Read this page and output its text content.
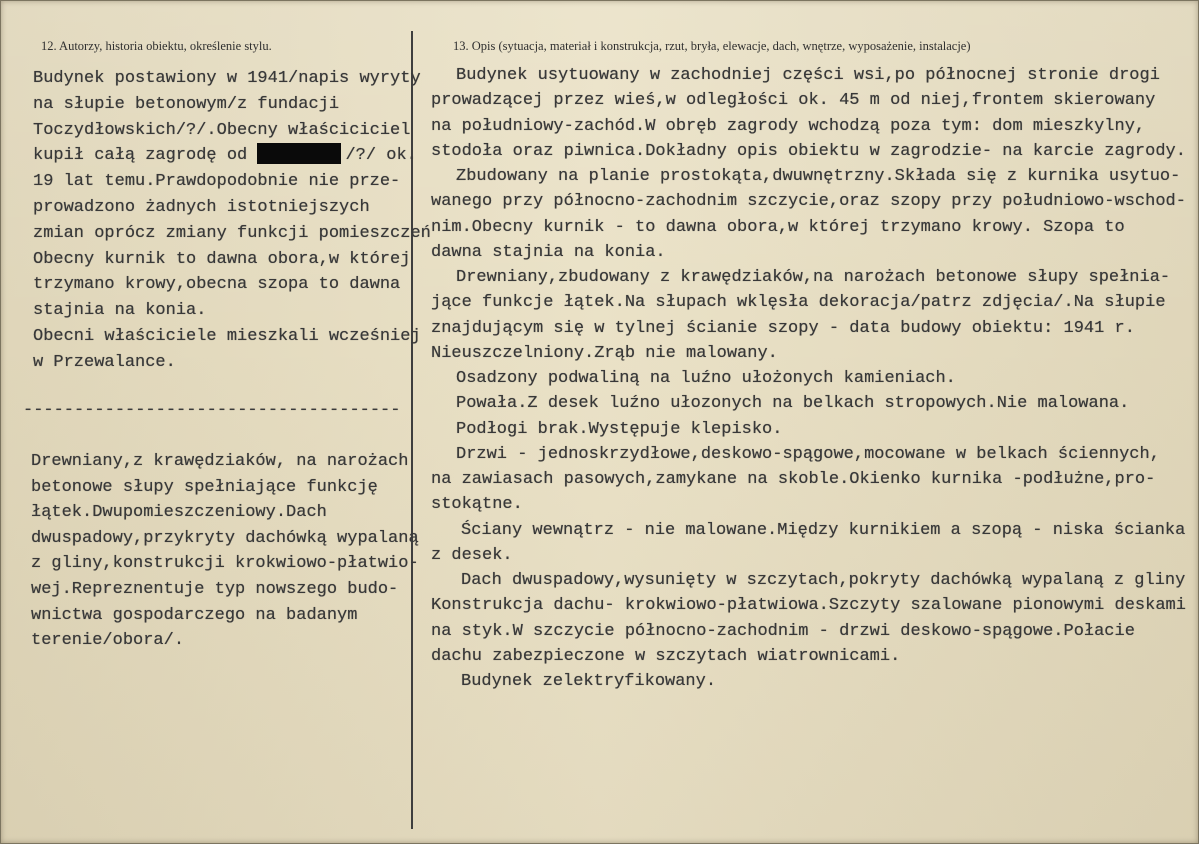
12. Autorzy, historia obiektu, określenie stylu.	13. Opis (sytuacja, materiał i konstrukcja, rzut, bryła, elewacje, dach, wnętrze, wyposażenie, instalacje)
Budynek postawiony w 1941/napis wyryty
na słupie betonowym/z fundacji
Toczydłowskich/?/.Obecny właściciciel
kupił całą zagrodę od	/?/ ok.
19 lat temu.Prawdopodobnie nie prze-
prowadzono żadnych istotniejszych
zmian oprócz zmiany funkcji pomieszczeń
Obecny kurnik to dawna obora,w której
trzymano krowy,obecna szopa to dawna
stajnia na konia.
Obecni właściciele mieszkali wcześniej
w Przewalance.
-------------------------------------
Drewniany,z krawędziaków, na narożach
betonowe słupy spełniające funkcję
łątek.Dwupomieszczeniowy.Dach
dwuspadowy,przykryty dachówką wypalaną
z gliny,konstrukcji krokwiowo-płatwio-
wej.Repreznentuje typ nowszego budo-
wnictwa gospodarczego na badanym
terenie/obora/.
Budynek usytuowany w zachodniej części wsi,po północnej stronie drogi
prowadzącej przez wieś,w odległości ok. 45 m od niej,frontem skierowany
na południowy-zachód.W obręb zagrody wchodzą poza tym: dom mieszkylny,
stodoła oraz piwnica.Dokładny opis obiektu w zagrodzie- na karcie zagrody.
Zbudowany na planie prostokąta,dwuwnętrzny.Składa się z kurnika usytuo-
wanego przy północno-zachodnim szczycie,oraz szopy przy południowo-wschod-
nim.Obecny kurnik - to dawna obora,w której trzymano krowy. Szopa to
dawna stajnia na konia.
Drewniany,zbudowany z krawędziaków,na narożach betonowe słupy spełnia-
jące funkcje łątek.Na słupach wklęsła dekoracja/patrz zdjęcia/.Na słupie
znajdującym się w tylnej ścianie szopy - data budowy obiektu: 1941 r.
Nieuszczelniony.Zrąb nie malowany.
Osadzony podwaliną na luźno ułożonych kamieniach.
Powała.Z desek luźno ułozonych na belkach stropowych.Nie malowana.
Podłogi brak.Występuje klepisko.
Drzwi - jednoskrzydłowe,deskowo-spągowe,mocowane w belkach ściennych,
na zawiasach pasowych,zamykane na skoble.Okienko kurnika -podłużne,pro-
stokątne.
Ściany wewnątrz - nie malowane.Między kurnikiem a szopą - niska ścianka
z desek.
Dach dwuspadowy,wysunięty w szczytach,pokryty dachówką wypalaną z gliny
Konstrukcja dachu- krokwiowo-płatwiowa.Szczyty szalowane pionowymi deskami
na styk.W szczycie północno-zachodnim - drzwi deskowo-spągowe.Połacie
dachu zabezpieczone w szczytach wiatrownicami.
Budynek zelektryfikowany.
